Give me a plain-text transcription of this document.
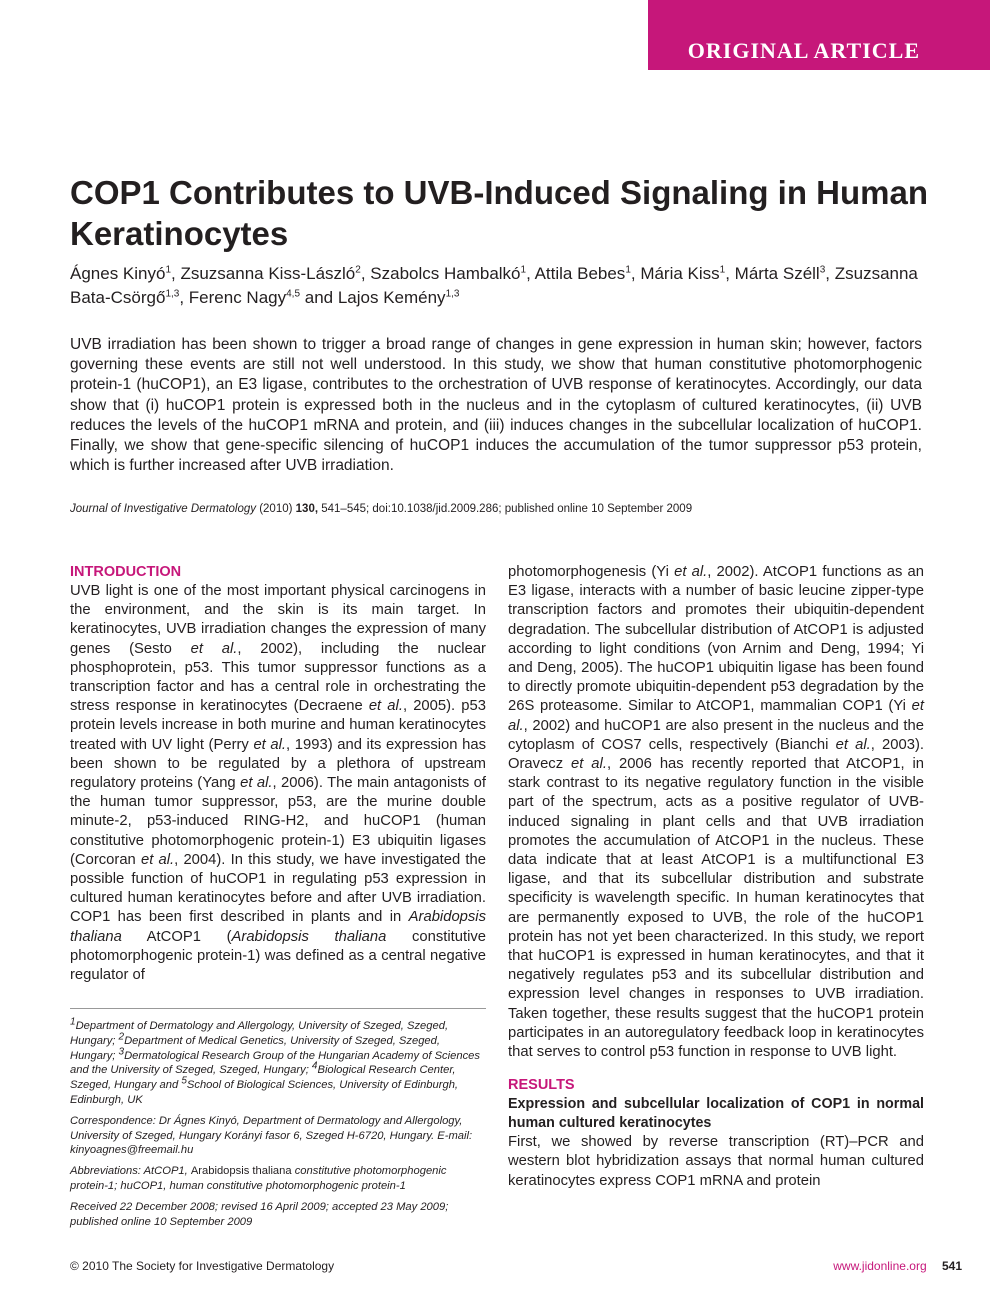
ORIGINAL ARTICLE
COP1 Contributes to UVB-Induced Signaling in Human Keratinocytes
Ágnes Kinyó$^1$, Zsuzsanna Kiss-László$^2$, Szabolcs Hambalkó$^1$, Attila Bebes$^1$, Mária Kiss$^1$, Márta Széll$^3$, Zsuzsanna Bata-Csörgő$^{1,3}$, Ferenc Nagy$^{4,5}$ and Lajos Kemény$^{1,3}$
UVB irradiation has been shown to trigger a broad range of changes in gene expression in human skin; however, factors governing these events are still not well understood. In this study, we show that human constitutive photomorphogenic protein-1 (huCOP1), an E3 ligase, contributes to the orchestration of UVB response of keratinocytes. Accordingly, our data show that (i) huCOP1 protein is expressed both in the nucleus and in the cytoplasm of cultured keratinocytes, (ii) UVB reduces the levels of the huCOP1 mRNA and protein, and (iii) induces changes in the subcellular localization of huCOP1. Finally, we show that gene-specific silencing of huCOP1 induces the accumulation of the tumor suppressor p53 protein, which is further increased after UVB irradiation.
Journal of Investigative Dermatology (2010) 130, 541–545; doi:10.1038/jid.2009.286; published online 10 September 2009
INTRODUCTION
UVB light is one of the most important physical carcinogens in the environment, and the skin is its main target. In keratinocytes, UVB irradiation changes the expression of many genes (Sesto et al., 2002), including the nuclear phosphoprotein, p53. This tumor suppressor functions as a transcription factor and has a central role in orchestrating the stress response in keratinocytes (Decraene et al., 2005). p53 protein levels increase in both murine and human keratinocytes treated with UV light (Perry et al., 1993) and its expression has been shown to be regulated by a plethora of upstream regulatory proteins (Yang et al., 2006). The main antagonists of the human tumor suppressor, p53, are the murine double minute-2, p53-induced RING-H2, and huCOP1 (human constitutive photomorphogenic protein-1) E3 ubiquitin ligases (Corcoran et al., 2004). In this study, we have investigated the possible function of huCOP1 in regulating p53 expression in cultured human keratinocytes before and after UVB irradiation. COP1 has been first described in plants and in Arabidopsis thaliana AtCOP1 (Arabidopsis thaliana constitutive photomorphogenic protein-1) was defined as a central negative regulator of

$^1$Department of Dermatology and Allergology, University of Szeged, Szeged, Hungary; $^2$Department of Medical Genetics, University of Szeged, Szeged, Hungary; $^3$Dermatological Research Group of the Hungarian Academy of Sciences and the University of Szeged, Szeged, Hungary; $^4$Biological Research Center, Szeged, Hungary and $^5$School of Biological Sciences, University of Edinburgh, Edinburgh, UK

Correspondence: Dr Ágnes Kinyó, Department of Dermatology and Allergology, University of Szeged, Hungary Korányi fasor 6, Szeged H-6720, Hungary. E-mail: kinyoagnes@freemail.hu

Abbreviations: AtCOP1, Arabidopsis thaliana constitutive photomorphogenic protein-1; huCOP1, human constitutive photomorphogenic protein-1

Received 22 December 2008; revised 16 April 2009; accepted 23 May 2009; published online 10 September 2009

photomorphogenesis (Yi et al., 2002). AtCOP1 functions as an E3 ligase, interacts with a number of basic leucine zipper-type transcription factors and promotes their ubiquitin-dependent degradation. The subcellular distribution of AtCOP1 is adjusted according to light conditions (von Arnim and Deng, 1994; Yi and Deng, 2005). The huCOP1 ubiquitin ligase has been found to directly promote ubiquitin-dependent p53 degradation by the 26S proteasome. Similar to AtCOP1, mammalian COP1 (Yi et al., 2002) and huCOP1 are also present in the nucleus and the cytoplasm of COS7 cells, respectively (Bianchi et al., 2003). Oravecz et al., 2006 has recently reported that AtCOP1, in stark contrast to its negative regulatory function in the visible part of the spectrum, acts as a positive regulator of UVB-induced signaling in plant cells and that UVB irradiation promotes the accumulation of AtCOP1 in the nucleus. These data indicate that at least AtCOP1 is a multifunctional E3 ligase, and that its subcellular distribution and substrate specificity is wavelength specific. In human keratinocytes that are permanently exposed to UVB, the role of the huCOP1 protein has not yet been characterized. In this study, we report that huCOP1 is expressed in human keratinocytes, and that it negatively regulates p53 and its subcellular distribution and expression level changes in responses to UVB irradiation. Taken together, these results suggest that the huCOP1 protein participates in an autoregulatory feedback loop in keratinocytes that serves to control p53 function in response to UVB light.
RESULTS
Expression and subcellular localization of COP1 in normal human cultured keratinocytes
First, we showed by reverse transcription (RT)–PCR and western blot hybridization assays that normal human cultured keratinocytes express COP1 mRNA and protein
© 2010 The Society for Investigative Dermatology	www.jidonline.org 541
